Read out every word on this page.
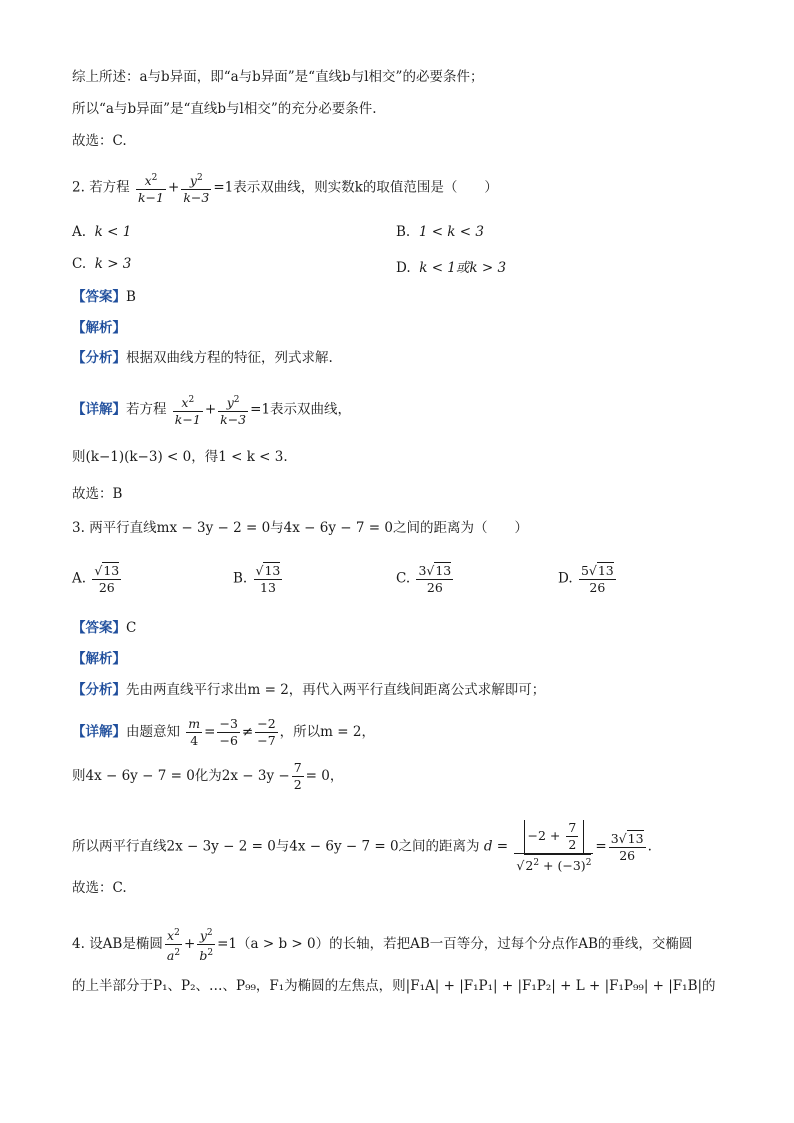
综上所述：a与b异面，即“a与b异面”是“直线b与l相交”的必要条件；
所以“a与b异面”是“直线b与l相交”的充分必要条件.
故选：C.
2. 若方程 $\frac{x^2}{k-1} + \frac{y^2}{k-3} =1$表示双曲线，则实数k的取值范围是（　　）
A. k < 1	B. 1 < k < 3
C. k > 3	D. k < 1或k > 3
【答案】B
【解析】
【分析】根据双曲线方程的特征，列式求解.
【详解】若方程 $\frac{x^2}{k-1} + \frac{y^2}{k-3} =1$表示双曲线，
则(k−1)(k−3) < 0，得1 < k < 3.
故选：B
3. 两平行直线mx − 3y − 2 = 0与4x − 6y − 7 = 0之间的距离为（　　）
A. $\frac{√13}{26}$	B. $\frac{√13}{13}$	C. $\frac{3√13}{26}$	D. $\frac{5√13}{26}$
【答案】C
【解析】
【分析】先由两直线平行求出m = 2，再代入两平行直线间距离公式求解即可；
【详解】由题意知 $\frac{m}{4} = \frac{-3}{-6} \ne \frac{-2}{-7}$ ，所以m = 2，
则4x − 6y − 7 = 0化为$2x - 3y - \frac{7}{2} = 0$，
所以两平行直线2x − 3y − 2 = 0与4x − 6y − 7 = 0之间的距离为 $d = \frac{-2 + \frac{7}{2}}{√2^2 + (-3)^2} = \frac{3√13}{26}$ .
故选：C.
4. 设AB是椭圆 $\frac{x^2}{a^2} + \frac{y^2}{b^2} =1(a > b > 0)$的长轴，若把AB一百等分，过每个分点作AB的垂线，交椭圆
的上半部分于P₁、P₂、…、P₉₉，F₁为椭圆的左焦点，则|F₁A| + |F₁P₁| + |F₁P₂| + L + |F₁P₉₉| + |F₁B|的
